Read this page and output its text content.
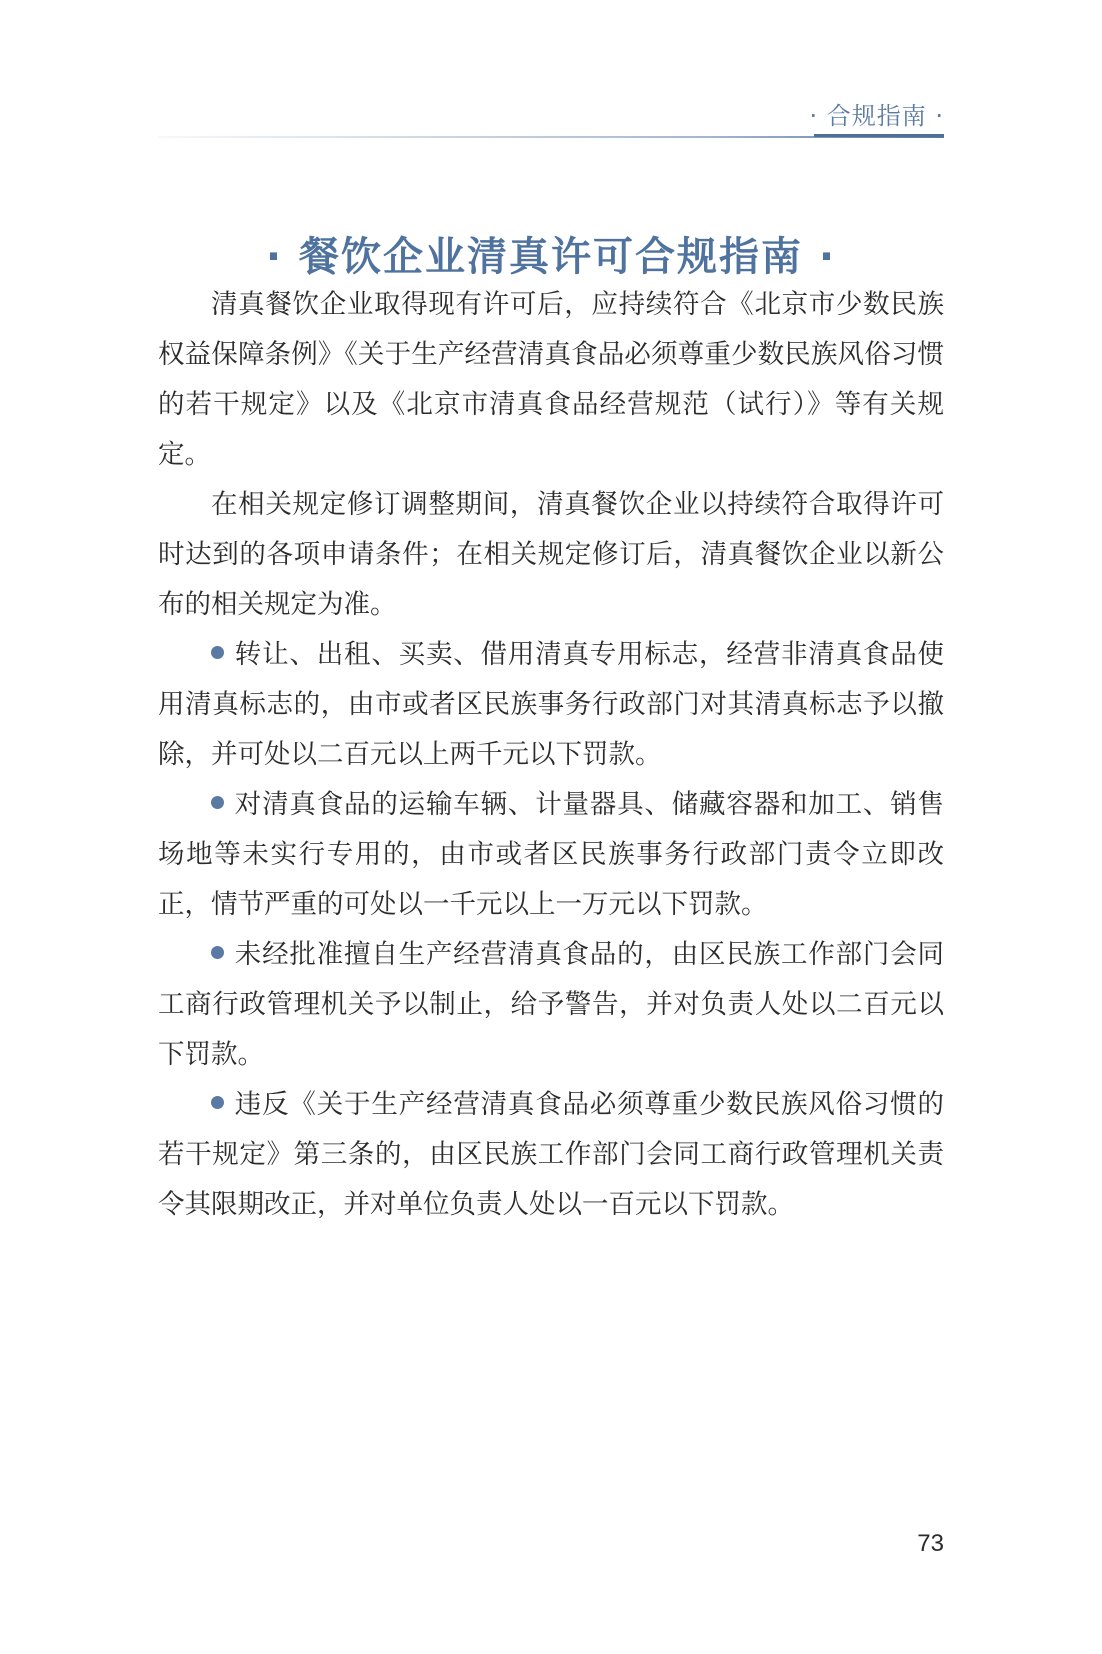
· 合规指南 ·
· 餐饮企业清真许可合规指南 ·

清真餐饮企业取得现有许可后，应持续符合《北京市少数民族权益保障条例》《关于生产经营清真食品必须尊重少数民族风俗习惯的若干规定》以及《北京市清真食品经营规范（试行）》等有关规定。

在相关规定修订调整期间，清真餐饮企业以持续符合取得许可时达到的各项申请条件；在相关规定修订后，清真餐饮企业以新公布的相关规定为准。

转让、出租、买卖、借用清真专用标志，经营非清真食品使用清真标志的，由市或者区民族事务行政部门对其清真标志予以撤除，并可处以二百元以上两千元以下罚款。

对清真食品的运输车辆、计量器具、储藏容器和加工、销售场地等未实行专用的，由市或者区民族事务行政部门责令立即改正，情节严重的可处以一千元以上一万元以下罚款。

未经批准擅自生产经营清真食品的，由区民族工作部门会同工商行政管理机关予以制止，给予警告，并对负责人处以二百元以下罚款。

违反《关于生产经营清真食品必须尊重少数民族风俗习惯的若干规定》第三条的，由区民族工作部门会同工商行政管理机关责令其限期改正，并对单位负责人处以一百元以下罚款。

73
